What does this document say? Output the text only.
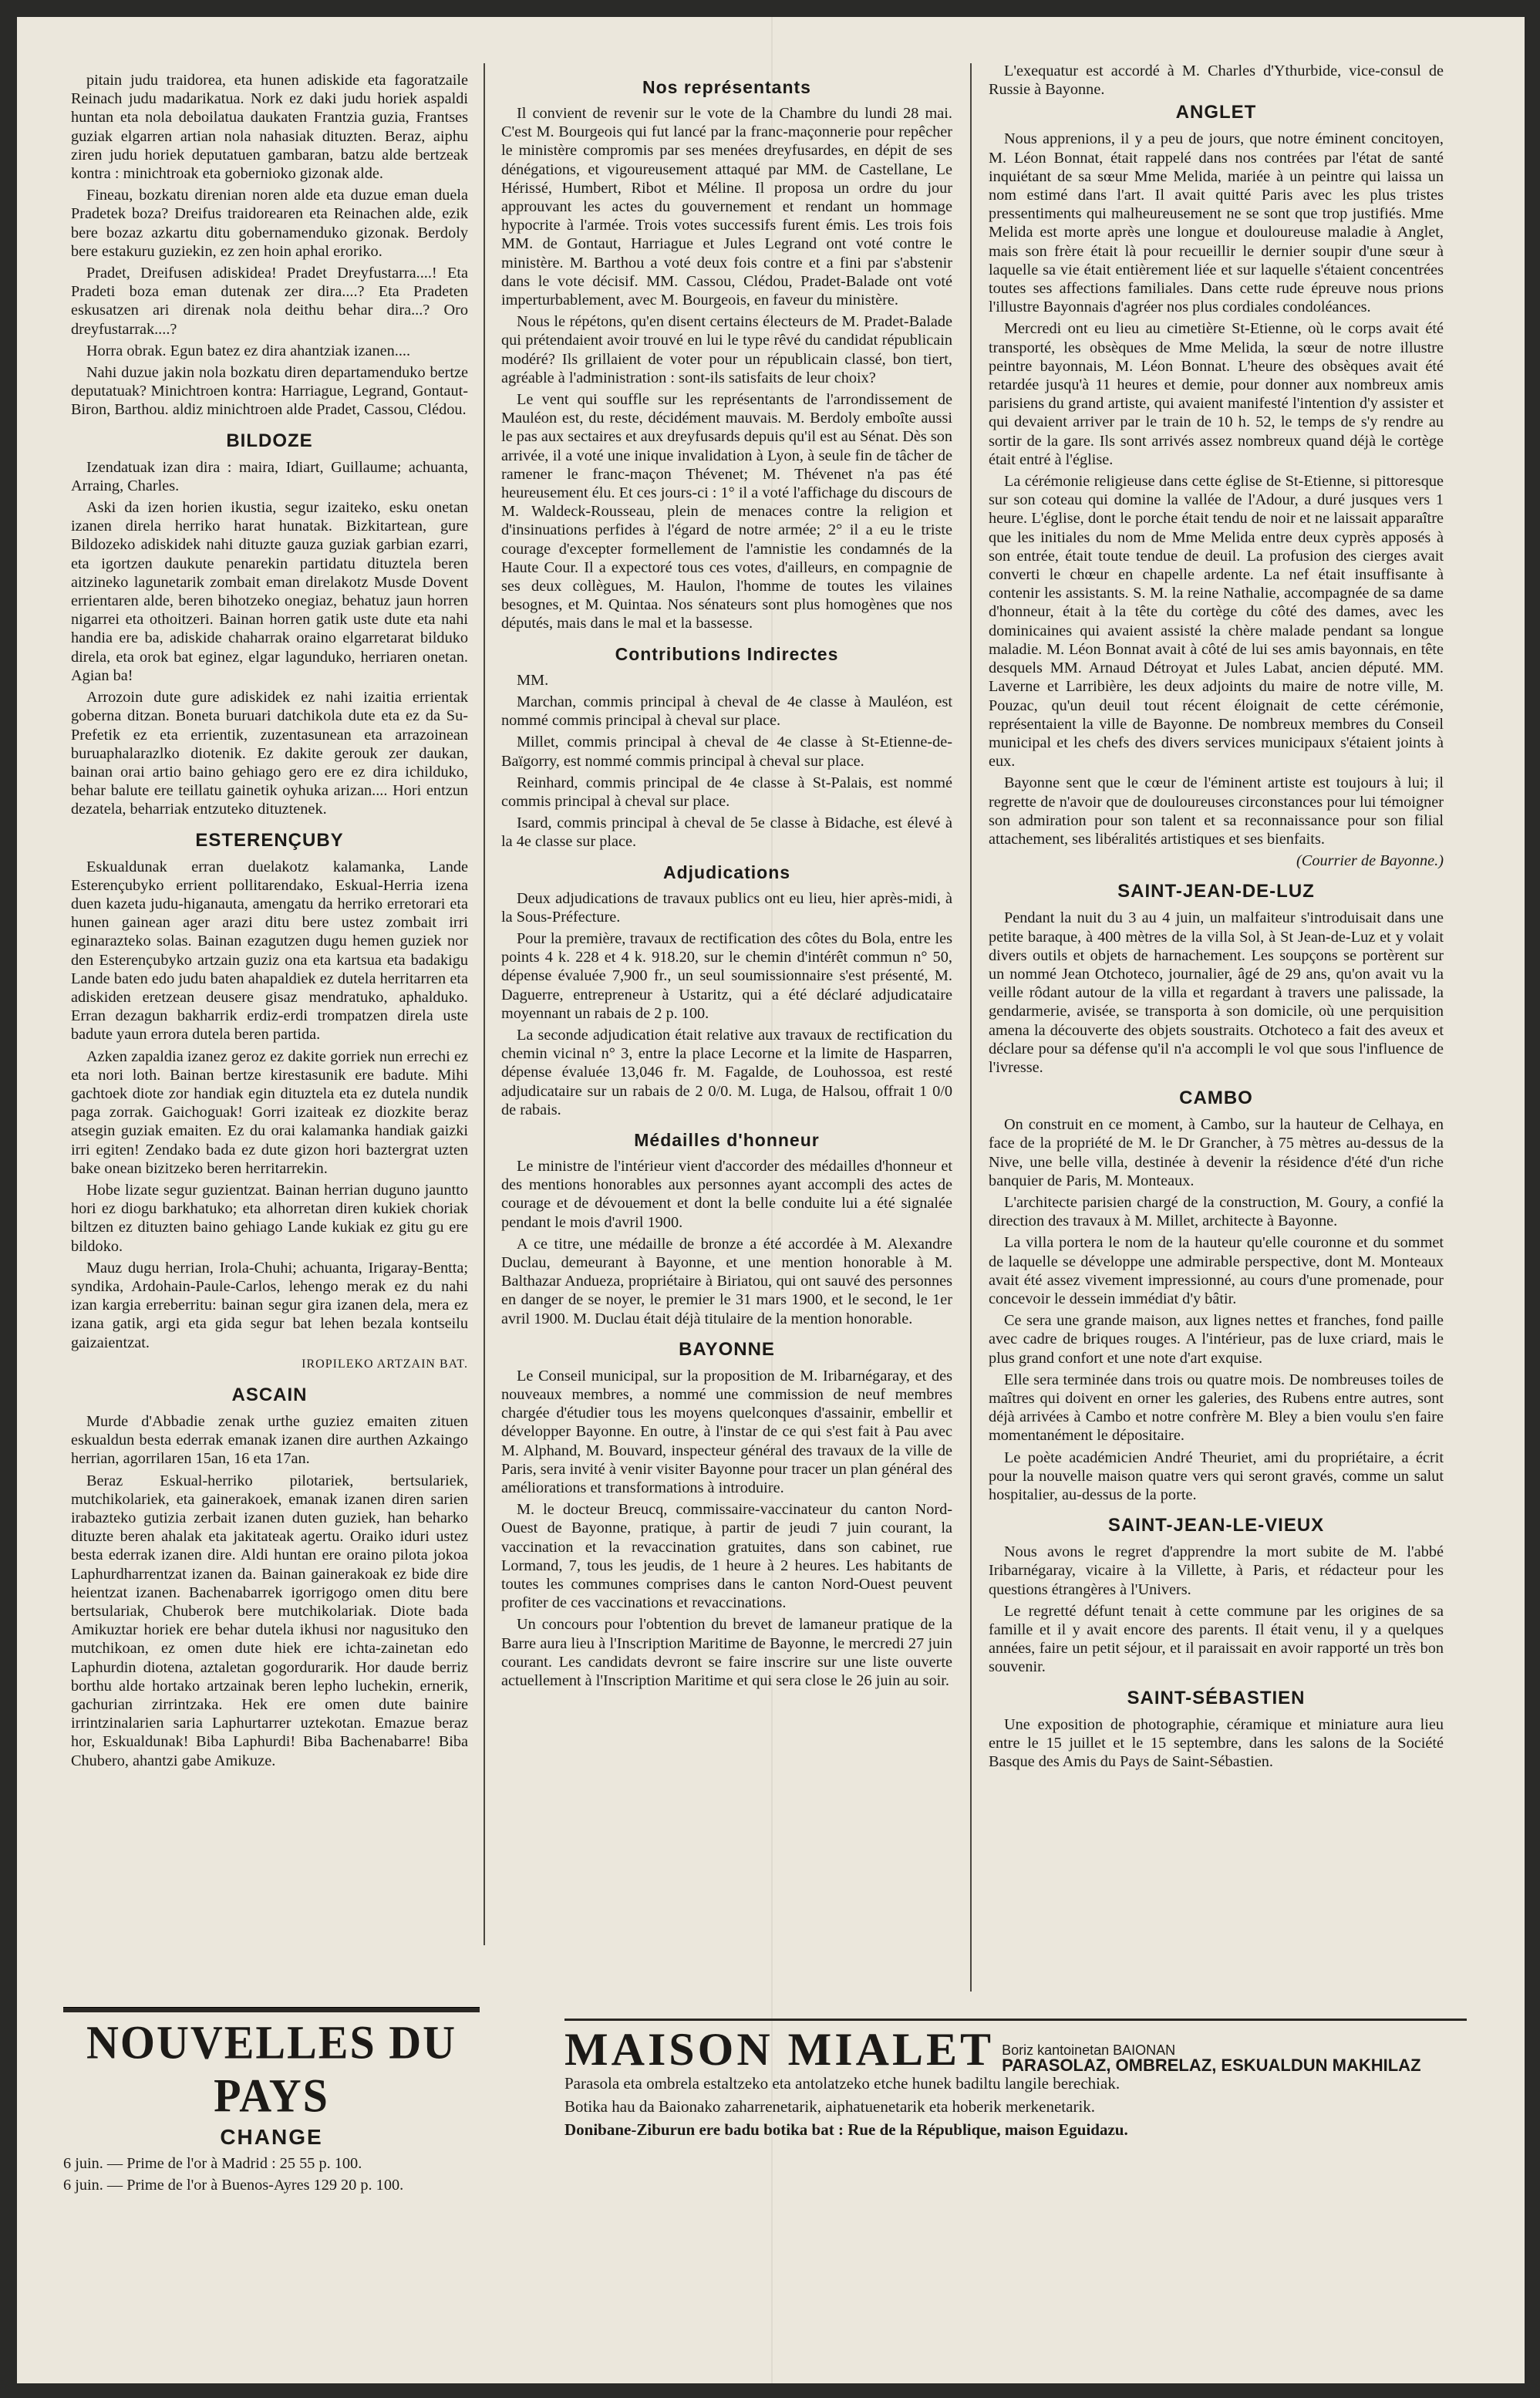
pitain judu traidorea, eta hunen adiskide eta fagoratzaile Reinach judu madarikatua. Nork ez daki judu horiek aspaldi huntan eta nola deboilatua daukaten Frantzia guzia, Frantses guziak elgarren artian nola nahasiak dituzten. Beraz, aiphu ziren judu horiek deputatuen gambaran, batzu alde bertzeak kontra : minichtroak eta gobernioko gizonak alde.

Fineau, bozkatu direnian noren alde eta duzue eman duela Pradetek boza? Dreifus traidorearen eta Reinachen alde, ezik bere bozaz azkartu ditu gobernamenduko gizonak. Berdoly bere estakuru guziekin, ez zen hoin aphal eroriko.

Pradet, Dreifusen adiskidea! Pradet Dreyfustarra....! Eta Pradeti boza eman dutenak zer dira....? Eta Pradeten eskusatzen ari direnak nola deithu behar dira...? Oro dreyfustarrak....?

Horra obrak. Egun batez ez dira ahantziak izanen....

Nahi duzue jakin nola bozkatu diren departamenduko bertze deputatuak? Minichtroen kontra: Harriague, Legrand, Gontaut-Biron, Barthou. aldiz minichtroen alde Pradet, Cassou, Clédou.

BILDOZE

Izendatuak izan dira : maira, Idiart, Guillaume; achuanta, Arraing, Charles.

Aski da izen horien ikustia, segur izaiteko, esku onetan izanen direla herriko harat hunatak. Bizkitartean, gure Bildozeko adiskidek nahi dituzte gauza guziak garbian ezarri, eta igortzen daukute penarekin partidatu dituztela beren aitzineko lagunetarik zombait eman direlakotz Musde Dovent errientaren alde, beren bihotzeko onegiaz, behatuz jaun horren nigarrei eta othoitzeri. Bainan horren gatik uste dute eta nahi handia ere ba, adiskide chaharrak oraino elgarretarat bilduko direla, eta orok bat eginez, elgar lagunduko, herriaren onetan. Agian ba!

Arrozoin dute gure adiskidek ez nahi izaitia errientak goberna ditzan. Boneta buruari datchikola dute eta ez da Su-Prefetik ez eta errientik, zuzentasunean eta arrazoinean buruaphalarazlko diotenik. Ez dakite gerouk zer daukan, bainan orai artio baino gehiago gero ere ez dira ichilduko, behar balute ere teillatu gainetik oyhuka arizan.... Hori entzun dezatela, beharriak entzuteko dituztenek.

ESTERENÇUBY

Eskualdunak erran duelakotz kalamanka, Lande Esterençubyko errient pollitarendako, Eskual-Herria izena duen kazeta judu-higanauta, amengatu da herriko erretorari eta hunen gainean ager arazi ditu bere ustez zombait irri eginarazteko solas. Bainan ezagutzen dugu hemen guziek nor den Esterençubyko artzain guziz ona eta kartsua eta badakigu Lande baten edo judu baten ahapaldiek ez dutela herritarren eta adiskiden eretzean deusere gisaz mendratuko, aphalduko. Erran dezagun bakharrik erdiz-erdi trompatzen direla uste badute yaun errora dutela beren partida.

Azken zapaldia izanez geroz ez dakite gorriek nun errechi ez eta nori loth. Bainan bertze kirestasunik ere badute. Mihi gachtoek diote zor handiak egin dituztela eta ez dutela nundik paga zorrak. Gaichoguak! Gorri izaiteak ez diozkite beraz atsegin guziak emaiten. Ez du orai kalamanka handiak gaizki irri egiten! Zendako bada ez dute gizon hori baztergrat uzten bake onean bizitzeko beren herritarrekin.

Hobe lizate segur guzientzat. Bainan herrian duguno jauntto hori ez diogu barkhatuko; eta alhorretan diren kukiek choriak biltzen ez dituzten baino gehiago Lande kukiak ez gitu gu ere bildoko.

Mauz dugu herrian, Irola-Chuhi; achuanta, Irigaray-Bentta; syndika, Ardohain-Paule-Carlos, lehengo merak ez du nahi izan kargia erreberritu: bainan segur gira izanen dela, mera ez izana gatik, argi eta gida segur bat lehen bezala kontseilu gaizaientzat.

IROPILEKO ARTZAIN BAT.

ASCAIN

Murde d'Abbadie zenak urthe guziez emaiten zituen eskualdun besta ederrak emanak izanen dire aurthen Azkaingo herrian, agorrilaren 15an, 16 eta 17an.

Beraz Eskual-herriko pilotariek, bertsulariek, mutchikolariek, eta gainerakoek, emanak izanen diren sarien irabazteko gutizia zerbait izanen duten guziek, han beharko dituzte beren ahalak eta jakitateak agertu. Oraiko iduri ustez besta ederrak izanen dire. Aldi huntan ere oraino pilota jokoa Laphurdharrentzat izanen da. Bainan gainerakoak ez bide dire heientzat izanen. Bachenabarrek igorrigogo omen ditu bere bertsulariak, Chuberok bere mutchikolariak. Diote bada Amikuztar horiek ere behar dutela ikhusi nor nagusituko den mutchikoan, ez omen dute hiek ere ichta-zainetan edo Laphurdin diotena, aztaletan gogordurarik. Hor daude berriz borthu alde hortako artzainak beren lepho luchekin, ernerik, gachurian zirrintzaka. Hek ere omen dute bainire irrintzinalarien saria Laphurtarrer uztekotan. Emazue beraz hor, Eskualdunak! Biba Laphurdi! Biba Bachenabarre! Biba Chubero, ahantzi gabe Amikuze.

Nos représentants

Il convient de revenir sur le vote de la Chambre du lundi 28 mai. C'est M. Bourgeois qui fut lancé par la franc-maçonnerie pour repêcher le ministère compromis par ses menées dreyfusardes, en dépit de ses dénégations, et vigoureusement attaqué par MM. de Castellane, Le Hérissé, Humbert, Ribot et Méline. Il proposa un ordre du jour approuvant les actes du gouvernement et rendant un hommage hypocrite à l'armée. Trois votes successifs furent émis. Les trois fois MM. de Gontaut, Harriague et Jules Legrand ont voté contre le ministère. M. Barthou a voté deux fois contre et a fini par s'abstenir dans le vote décisif. MM. Cassou, Clédou, Pradet-Balade ont voté imperturbablement, avec M. Bourgeois, en faveur du ministère.

Nous le répétons, qu'en disent certains électeurs de M. Pradet-Balade qui prétendaient avoir trouvé en lui le type rêvé du candidat républicain modéré? Ils grillaient de voter pour un républicain classé, bon tiert, agréable à l'administration : sont-ils satisfaits de leur choix?

Le vent qui souffle sur les représentants de l'arrondissement de Mauléon est, du reste, décidément mauvais. M. Berdoly emboîte aussi le pas aux sectaires et aux dreyfusards depuis qu'il est au Sénat. Dès son arrivée, il a voté une inique invalidation à Lyon, à seule fin de tâcher de ramener le franc-maçon Thévenet; M. Thévenet n'a pas été heureusement élu. Et ces jours-ci : 1° il a voté l'affichage du discours de M. Waldeck-Rousseau, plein de menaces contre la religion et d'insinuations perfides à l'égard de notre armée; 2° il a eu le triste courage d'excepter formellement de l'amnistie les condamnés de la Haute Cour. Il a expectoré tous ces votes, d'ailleurs, en compagnie de ses deux collègues, M. Haulon, l'homme de toutes les vilaines besognes, et M. Quintaa. Nos sénateurs sont plus homogènes que nos députés, mais dans le mal et la bassesse.

Contributions Indirectes

MM.

Marchan, commis principal à cheval de 4e classe à Mauléon, est nommé commis principal à cheval sur place.

Millet, commis principal à cheval de 4e classe à St-Etienne-de-Baïgorry, est nommé commis principal à cheval sur place.

Reinhard, commis principal de 4e classe à St-Palais, est nommé commis principal à cheval sur place.

Isard, commis principal à cheval de 5e classe à Bidache, est élevé à la 4e classe sur place.

Adjudications

Deux adjudications de travaux publics ont eu lieu, hier après-midi, à la Sous-Préfecture.

Pour la première, travaux de rectification des côtes du Bola, entre les points 4 k. 228 et 4 k. 918.20, sur le chemin d'intérêt commun n° 50, dépense évaluée 7,900 fr., un seul soumissionnaire s'est présenté, M. Daguerre, entrepreneur à Ustaritz, qui a été déclaré adjudicataire moyennant un rabais de 2 p. 100.

La seconde adjudication était relative aux travaux de rectification du chemin vicinal n° 3, entre la place Lecorne et la limite de Hasparren, dépense évaluée 13,046 fr. M. Fagalde, de Louhossoa, est resté adjudicataire sur un rabais de 2 0/0. M. Luga, de Halsou, offrait 1 0/0 de rabais.

Médailles d'honneur

Le ministre de l'intérieur vient d'accorder des médailles d'honneur et des mentions honorables aux personnes ayant accompli des actes de courage et de dévouement et dont la belle conduite lui a été signalée pendant le mois d'avril 1900.

A ce titre, une médaille de bronze a été accordée à M. Alexandre Duclau, demeurant à Bayonne, et une mention honorable à M. Balthazar Andueza, propriétaire à Biriatou, qui ont sauvé des personnes en danger de se noyer, le premier le 31 mars 1900, et le second, le 1er avril 1900. M. Duclau était déjà titulaire de la mention honorable.

BAYONNE

Le Conseil municipal, sur la proposition de M. Iribarnégaray, et des nouveaux membres, a nommé une commission de neuf membres chargée d'étudier tous les moyens quelconques d'assainir, embellir et développer Bayonne. En outre, à l'instar de ce qui s'est fait à Pau avec M. Alphand, M. Bouvard, inspecteur général des travaux de la ville de Paris, sera invité à venir visiter Bayonne pour tracer un plan général des améliorations et transformations à introduire.

M. le docteur Breucq, commissaire-vaccinateur du canton Nord-Ouest de Bayonne, pratique, à partir de jeudi 7 juin courant, la vaccination et la revaccination gratuites, dans son cabinet, rue Lormand, 7, tous les jeudis, de 1 heure à 2 heures. Les habitants de toutes les communes comprises dans le canton Nord-Ouest peuvent profiter de ces vaccinations et revaccinations.

Un concours pour l'obtention du brevet de lamaneur pratique de la Barre aura lieu à l'Inscription Maritime de Bayonne, le mercredi 27 juin courant. Les candidats devront se faire inscrire sur une liste ouverte actuellement à l'Inscription Maritime et qui sera close le 26 juin au soir.

L'exequatur est accordé à M. Charles d'Ythurbide, vice-consul de Russie à Bayonne.

ANGLET

Nous apprenions, il y a peu de jours, que notre éminent concitoyen, M. Léon Bonnat, était rappelé dans nos contrées par l'état de santé inquiétant de sa sœur Mme Melida, mariée à un peintre qui laissa un nom estimé dans l'art. Il avait quitté Paris avec les plus tristes pressentiments qui malheureusement ne se sont que trop justifiés. Mme Melida est morte après une longue et douloureuse maladie à Anglet, mais son frère était là pour recueillir le dernier soupir d'une sœur à laquelle sa vie était entièrement liée et sur laquelle s'étaient concentrées toutes ses affections familiales. Dans cette rude épreuve nous prions l'illustre Bayonnais d'agréer nos plus cordiales condoléances.

Mercredi ont eu lieu au cimetière St-Etienne, où le corps avait été transporté, les obsèques de Mme Melida, la sœur de notre illustre peintre bayonnais, M. Léon Bonnat. L'heure des obsèques avait été retardée jusqu'à 11 heures et demie, pour donner aux nombreux amis parisiens du grand artiste, qui avaient manifesté l'intention d'y assister et qui devaient arriver par le train de 10 h. 52, le temps de s'y rendre au sortir de la gare. Ils sont arrivés assez nombreux quand déjà le cortège était entré à l'église.

La cérémonie religieuse dans cette église de St-Etienne, si pittoresque sur son coteau qui domine la vallée de l'Adour, a duré jusques vers 1 heure. L'église, dont le porche était tendu de noir et ne laissait apparaître que les initiales du nom de Mme Melida entre deux cyprès apposés à son entrée, était toute tendue de deuil. La profusion des cierges avait converti le chœur en chapelle ardente. La nef était insuffisante à contenir les assistants. S. M. la reine Nathalie, accompagnée de sa dame d'honneur, était à la tête du cortège du côté des dames, avec les dominicaines qui avaient assisté la chère malade pendant sa longue maladie. M. Léon Bonnat avait à côté de lui ses amis bayonnais, en tête desquels MM. Arnaud Détroyat et Jules Labat, ancien député. MM. Laverne et Larribière, les deux adjoints du maire de notre ville, M. Pouzac, qu'un deuil tout récent éloignait de cette cérémonie, représentaient la ville de Bayonne. De nombreux membres du Conseil municipal et les chefs des divers services municipaux s'étaient joints à eux.

Bayonne sent que le cœur de l'éminent artiste est toujours à lui; il regrette de n'avoir que de douloureuses circonstances pour lui témoigner son admiration pour son talent et sa reconnaissance pour son filial attachement, ses libéralités artistiques et ses bienfaits.

(Courrier de Bayonne.)

SAINT-JEAN-DE-LUZ

Pendant la nuit du 3 au 4 juin, un malfaiteur s'introduisait dans une petite baraque, à 400 mètres de la villa Sol, à St Jean-de-Luz et y volait divers outils et objets de harnachement. Les soupçons se portèrent sur un nommé Jean Otchoteco, journalier, âgé de 29 ans, qu'on avait vu la veille rôdant autour de la villa et regardant à travers une palissade, la gendarmerie, avisée, se transporta à son domicile, où une perquisition amena la découverte des objets soustraits. Otchoteco a fait des aveux et déclare pour sa défense qu'il n'a accompli le vol que sous l'influence de l'ivresse.

CAMBO

On construit en ce moment, à Cambo, sur la hauteur de Celhaya, en face de la propriété de M. le Dr Grancher, à 75 mètres au-dessus de la Nive, une belle villa, destinée à devenir la résidence d'été d'un riche banquier de Paris, M. Monteaux.

L'architecte parisien chargé de la construction, M. Goury, a confié la direction des travaux à M. Millet, architecte à Bayonne.

La villa portera le nom de la hauteur qu'elle couronne et du sommet de laquelle se développe une admirable perspective, dont M. Monteaux avait été assez vivement impressionné, au cours d'une promenade, pour concevoir le dessein immédiat d'y bâtir.

Ce sera une grande maison, aux lignes nettes et franches, fond paille avec cadre de briques rouges. A l'intérieur, pas de luxe criard, mais le plus grand confort et une note d'art exquise.

Elle sera terminée dans trois ou quatre mois. De nombreuses toiles de maîtres qui doivent en orner les galeries, des Rubens entre autres, sont déjà arrivées à Cambo et notre confrère M. Bley a bien voulu s'en faire momentanément le dépositaire.

Le poète académicien André Theuriet, ami du propriétaire, a écrit pour la nouvelle maison quatre vers qui seront gravés, comme un salut hospitalier, au-dessus de la porte.

SAINT-JEAN-LE-VIEUX

Nous avons le regret d'apprendre la mort subite de M. l'abbé Iribarnégaray, vicaire à la Villette, à Paris, et rédacteur pour les questions étrangères à l'Univers.

Le regretté défunt tenait à cette commune par les origines de sa famille et il y avait encore des parents. Il était venu, il y a quelques années, faire un petit séjour, et il paraissait en avoir rapporté un très bon souvenir.

SAINT-SÉBASTIEN

Une exposition de photographie, céramique et miniature aura lieu entre le 15 juillet et le 15 septembre, dans les salons de la Société Basque des Amis du Pays de Saint-Sébastien.

NOUVELLES DU PAYS
CHANGE

6 juin. — Prime de l'or à Madrid : 25 55 p. 100.

6 juin. — Prime de l'or à Buenos-Ayres 129 20 p. 100.

MAISON MIALET Boriz kantoinetan BAIONAN
PARASOLAZ, OMBRELAZ, ESKUALDUN MAKHILAZ

Parasola eta ombrela estaltzeko eta antolatzeko etche hunek badiltu langile berechiak.

Botika hau da Baionako zaharrenetarik, aiphatuenetarik eta hoberik merkenetarik.

Donibane-Ziburun ere badu botika bat : Rue de la République, maison Eguidazu.
